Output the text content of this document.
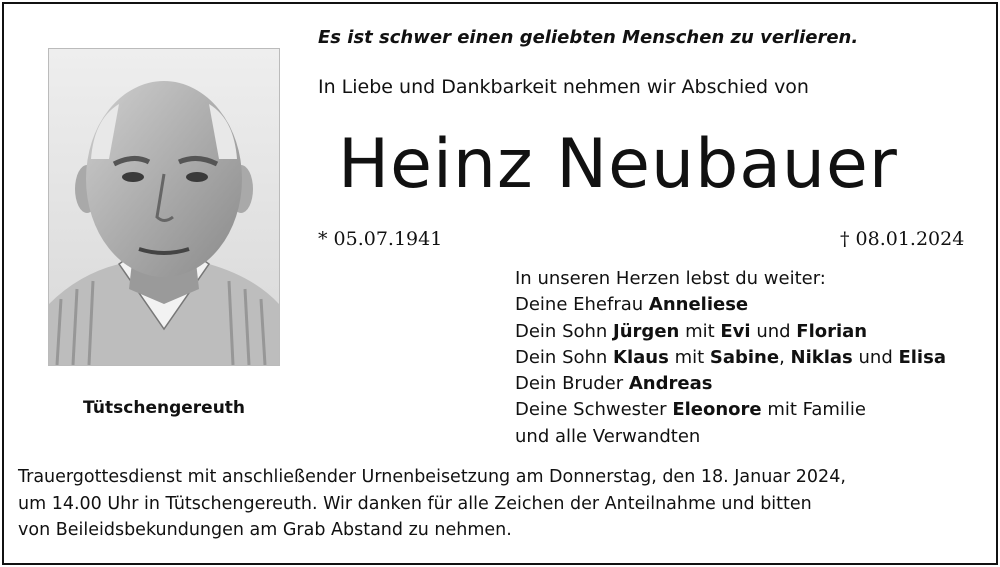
Tütschengereuth
Es ist schwer einen geliebten Menschen zu verlieren.
In Liebe und Dankbarkeit nehmen wir Abschied von
Heinz Neubauer
* 05.07.1941	† 08.01.2024
In unseren Herzen lebst du weiter:
Deine Ehefrau Anneliese
Dein Sohn Jürgen mit Evi und Florian
Dein Sohn Klaus mit Sabine, Niklas und Elisa
Dein Bruder Andreas
Deine Schwester Eleonore mit Familie
und alle Verwandten
Trauergottesdienst mit anschließender Urnenbeisetzung am Donnerstag, den 18. Januar 2024,
um 14.00 Uhr in Tütschengereuth. Wir danken für alle Zeichen der Anteilnahme und bitten
von Beileidsbekundungen am Grab Abstand zu nehmen.
